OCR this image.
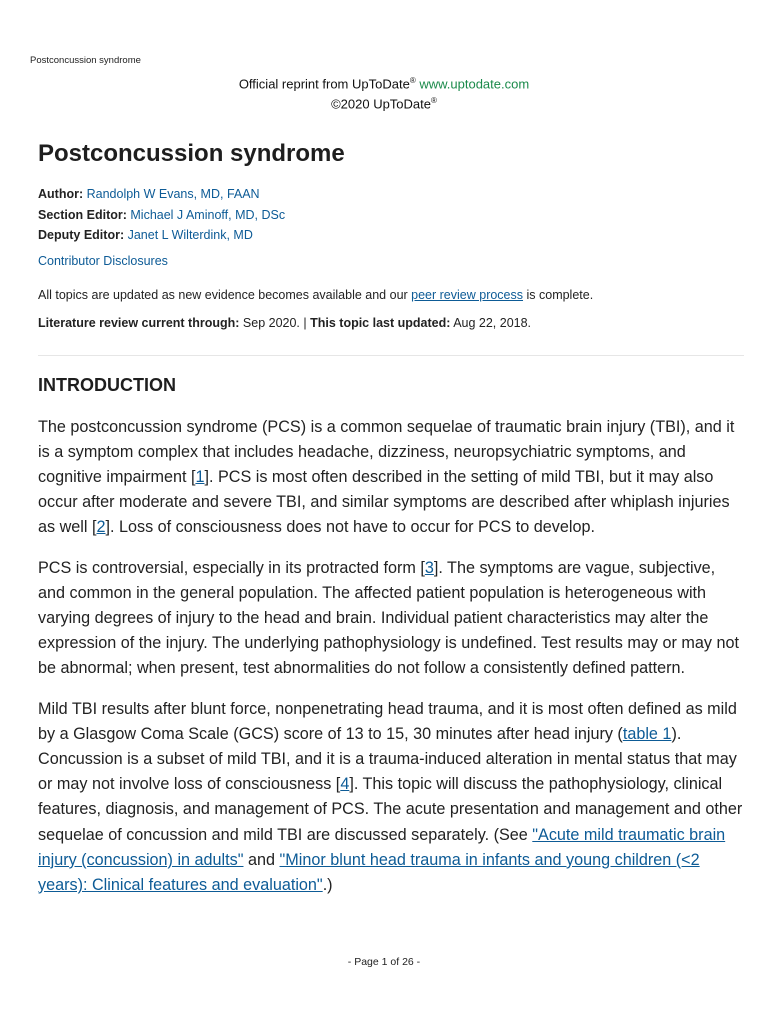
Postconcussion syndrome
Official reprint from UpToDate® www.uptodate.com
©2020 UpToDate®
Postconcussion syndrome
Author: Randolph W Evans, MD, FAAN
Section Editor: Michael J Aminoff, MD, DSc
Deputy Editor: Janet L Wilterdink, MD
Contributor Disclosures
All topics are updated as new evidence becomes available and our peer review process is complete.
Literature review current through: Sep 2020. | This topic last updated: Aug 22, 2018.
INTRODUCTION

The postconcussion syndrome (PCS) is a common sequelae of traumatic brain injury (TBI), and it is a symptom complex that includes headache, dizziness, neuropsychiatric symptoms, and cognitive impairment [1]. PCS is most often described in the setting of mild TBI, but it may also occur after moderate and severe TBI, and similar symptoms are described after whiplash injuries as well [2]. Loss of consciousness does not have to occur for PCS to develop.

PCS is controversial, especially in its protracted form [3]. The symptoms are vague, subjective, and common in the general population. The affected patient population is heterogeneous with varying degrees of injury to the head and brain. Individual patient characteristics may alter the expression of the injury. The underlying pathophysiology is undefined. Test results may or may not be abnormal; when present, test abnormalities do not follow a consistently defined pattern.

Mild TBI results after blunt force, nonpenetrating head trauma, and it is most often defined as mild by a Glasgow Coma Scale (GCS) score of 13 to 15, 30 minutes after head injury (table 1). Concussion is a subset of mild TBI, and it is a trauma-induced alteration in mental status that may or may not involve loss of consciousness [4]. This topic will discuss the pathophysiology, clinical features, diagnosis, and management of PCS. The acute presentation and management and other sequelae of concussion and mild TBI are discussed separately. (See "Acute mild traumatic brain injury (concussion) in adults" and "Minor blunt head trauma in infants and young children (<2 years): Clinical features and evaluation".)

- Page 1 of 26 -
